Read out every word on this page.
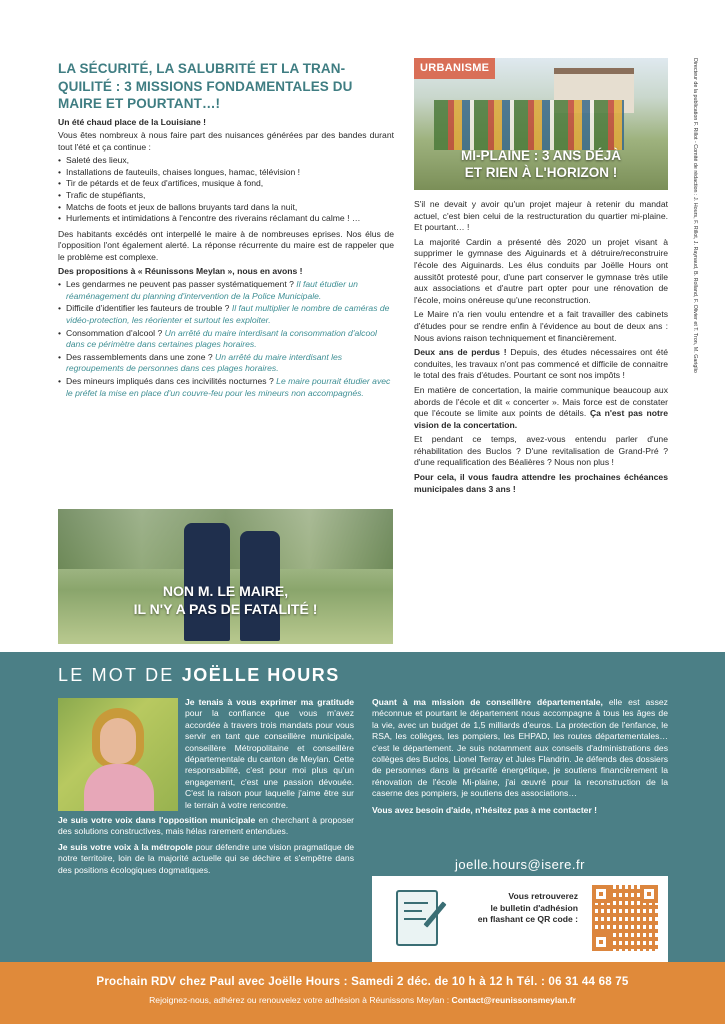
LA SÉCURITÉ, LA SALUBRITÉ ET LA TRAN-QUILITÉ : 3 MISSIONS FONDAMENTALES DU MAIRE ET POURTANT…!

Un été chaud place de la Louisiane !

Vous êtes nombreux à nous faire part des nuisances générées par des bandes durant tout l'été et ça continue :

• Saleté des lieux,
• Installations de fauteuils, chaises longues, hamac, télévision !
• Tir de pétards et de feux d'artifices, musique à fond,
• Trafic de stupéfiants,
• Matchs de foots et jeux de ballons bruyants tard dans la nuit,
• Hurlements et intimidations à l'encontre des riverains réclamant du calme ! …

Des habitants excédés ont interpellé le maire à de nombreuses eprises. Nos élus de l'opposition l'ont également alerté. La réponse récurrente du maire est de rappeler que le problème est complexe.

Des propositions à « Réunissons Meylan », nous en avons !

• Les gendarmes ne peuvent pas passer systématiquement ? Il faut étudier un réaménagement du planning d'intervention de la Police Municipale.
• Difficile d'identifier les fauteurs de trouble ? Il faut multiplier le nombre de caméras de vidéo-protection, les réorienter et surtout les exploiter.
• Consommation d'alcool ? Un arrêté du maire interdisant la consommation d'alcool dans ce périmètre dans certaines plages horaires.
• Des rassemblements dans une zone ? Un arrêté du maire interdisant les regroupements de personnes dans ces plages horaires.
• Des mineurs impliqués dans ces incivilités nocturnes ? Le maire pourrait étudier avec le préfet la mise en place d'un couvre-feu pour les mineurs non accompagnés.
NON M. LE MAIRE,
IL N'Y A PAS DE FATALITÉ !
URBANISME
MI-PLAINE : 3 ANS DÉJÀ
ET RIEN À L'HORIZON !

S'il ne devait y avoir qu'un projet majeur à retenir du mandat actuel, c'est bien celui de la restructuration du quartier mi-plaine. Et pourtant… !

La majorité Cardin a présenté dès 2020 un projet visant à supprimer le gymnase des Aiguinards et à détruire/reconstruire l'école des Aiguinards. Les élus conduits par Joëlle Hours ont aussitôt protesté pour, d'une part conserver le gymnase très utile aux associations et d'autre part opter pour une rénovation de l'école, moins onéreuse qu'une reconstruction.

Le Maire n'a rien voulu entendre et a fait travailler des cabinets d'études pour se rendre enfin à l'évidence au bout de deux ans : Nous avions raison techniquement et financièrement.

Deux ans de perdus ! Depuis, des études nécessaires ont été conduites, les travaux n'ont pas commencé et difficile de connaitre le total des frais d'études. Pourtant ce sont nos impôts !

En matière de concertation, la mairie communique beaucoup aux abords de l'école et dit « concerter ». Mais force est de constater que l'écoute se limite aux points de détails. Ça n'est pas notre vision de la concertation.

Et pendant ce temps, avez-vous entendu parler d'une réhabilitation des Buclos ? D'une revitalisation de Grand-Pré ? d'une requalification des Béalières ? Nous non plus !

Pour cela, il vous faudra attendre les prochaines échéances municipales dans 3 ans !

Directeur de la publication F. Rillot - Comité de rédaction : J. Hours, F. Rillot, J. Raynaud, B. Rolland, F. Olivier et T. Tron, M. Gariglio
LE MOT DE JOËLLE HOURS

Je tenais à vous exprimer ma gratitude pour la confiance que vous m'avez accordée à travers trois mandats pour vous servir en tant que conseillère municipale, conseillère Métropolitaine et conseillère départementale du canton de Meylan. Cette responsabilité, c'est pour moi plus qu'un engagement, c'est une passion dévouée. C'est la raison pour laquelle j'aime être sur le terrain à votre rencontre.

Je suis votre voix dans l'opposition municipale en cherchant à proposer des solutions constructives, mais hélas rarement entendues.

Je suis votre voix à la métropole pour défendre une vision pragmatique de notre territoire, loin de la majorité actuelle qui se déchire et s'empêtre dans des positions écologiques dogmatiques.

Quant à ma mission de conseillère départementale, elle est assez méconnue et pourtant le département nous accompagne à tous les âges de la vie, avec un budget de 1,5 milliards d'euros. La protection de l'enfance, le RSA, les collèges, les pompiers, les EHPAD, les routes départementales… c'est le département. Je suis notamment aux conseils d'administrations des collèges des Buclos, Lionel Terray et Jules Flandrin. Je défends des dossiers de personnes dans la précarité énergétique, je soutiens financièrement la rénovation de l'école Mi-plaine, j'ai œuvré pour la reconstruction de la caserne des pompiers, je soutiens des associations…

Vous avez besoin d'aide, n'hésitez pas à me contacter !

joelle.hours@isere.fr
Vous retrouverez
le bulletin d'adhésion
en flashant ce QR code :
Prochain RDV chez Paul avec Joëlle Hours : Samedi 2 déc. de 10 h à 12 h Tél. : 06 31 44 68 75
Rejoignez-nous, adhérez ou renouvelez votre adhésion à Réunissons Meylan : Contact@reunissonsmeylan.fr
